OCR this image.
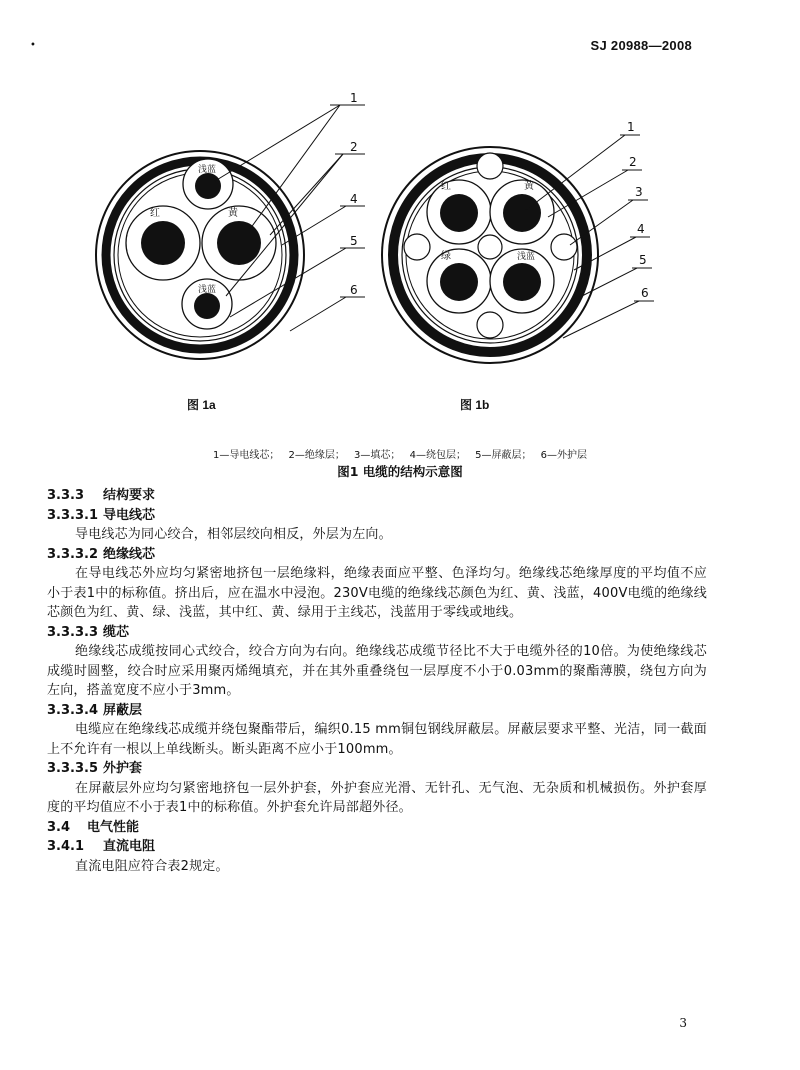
SJ 20988—2008
•
浅蓝
红	黄
浅蓝
1
2
4
5
6
红	黄
绿	浅蓝
1
2
3
4
5
6
图 1a	图 1b
1—导电线芯； 2—绝缘层； 3—填芯； 4—绕包层； 5—屏蔽层； 6—外护层
图1 电缆的结构示意图
3.3.3 结构要求
3.3.3.1 导电线芯

导电线芯为同心绞合，相邻层绞向相反，外层为左向。

3.3.3.2 绝缘线芯

在导电线芯外应均匀紧密地挤包一层绝缘料，绝缘表面应平整、色泽均匀。绝缘线芯绝缘厚度的平均值不应小于表1中的标称值。挤出后，应在温水中浸泡。230V电缆的绝缘线芯颜色为红、黄、浅蓝，400V电缆的绝缘线芯颜色为红、黄、绿、浅蓝，其中红、黄、绿用于主线芯，浅蓝用于零线或地线。

3.3.3.3 缆芯

绝缘线芯成缆按同心式绞合，绞合方向为右向。绝缘线芯成缆节径比不大于电缆外径的10倍。为使绝缘线芯成缆时圆整，绞合时应采用聚丙烯绳填充，并在其外重叠绕包一层厚度不小于0.03mm的聚酯薄膜，绕包方向为左向，搭盖宽度不应小于3mm。

3.3.3.4 屏蔽层

电缆应在绝缘线芯成缆并绕包聚酯带后，编织0.15 mm铜包钢线屏蔽层。屏蔽层要求平整、光洁，同一截面上不允许有一根以上单线断头。断头距离不应小于100mm。

3.3.3.5 外护套

在屏蔽层外应均匀紧密地挤包一层外护套，外护套应光滑、无针孔、无气泡、无杂质和机械损伤。外护套厚度的平均值应不小于表1中的标称值。外护套允许局部超外径。

3.4 电气性能
3.4.1 直流电阻

直流电阻应符合表2规定。

3
